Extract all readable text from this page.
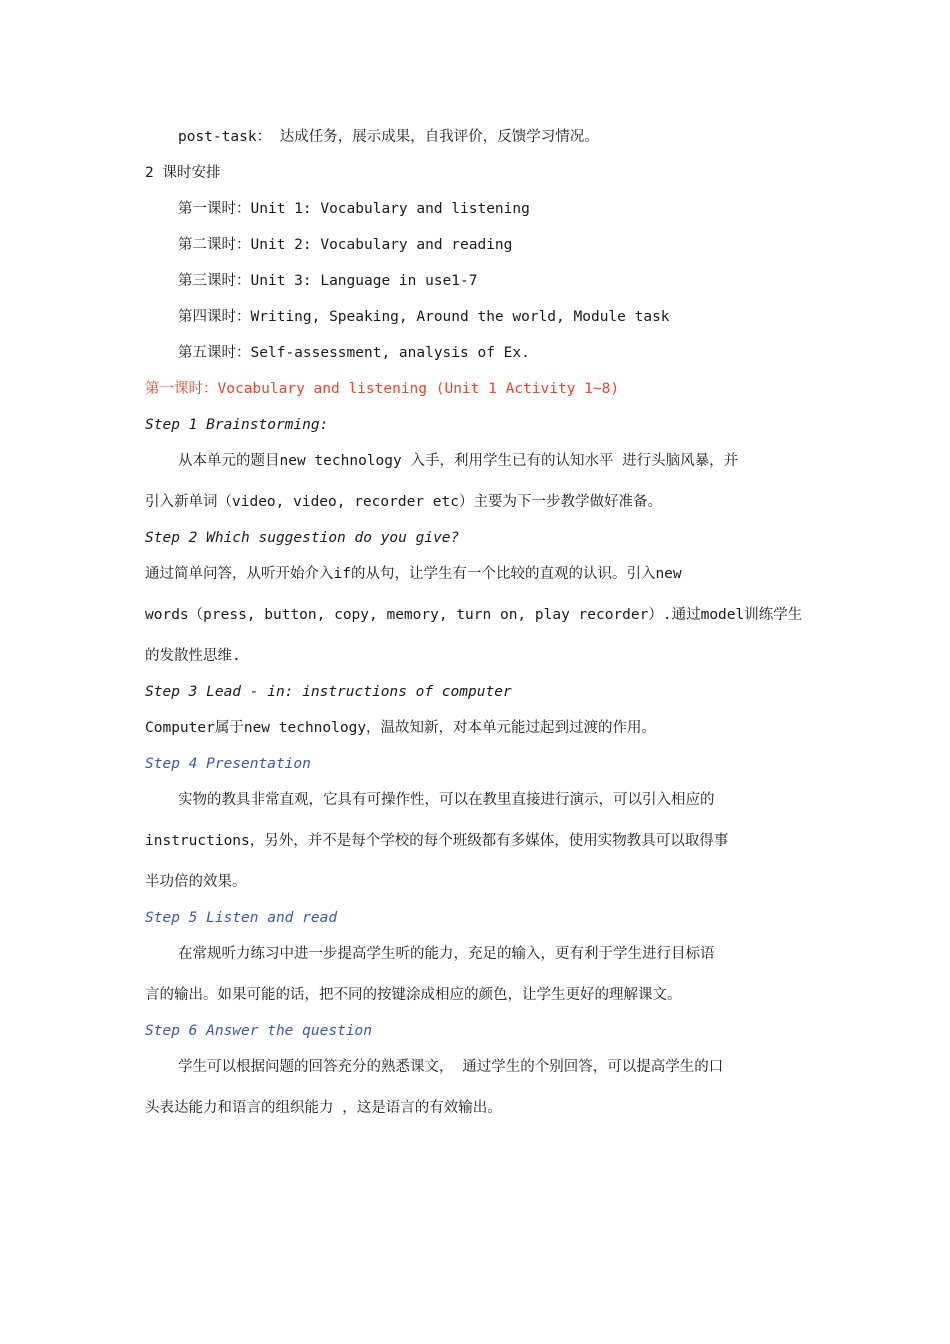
post-task： 达成任务，展示成果，自我评价，反馈学习情况。
2 课时安排
第一课时：Unit 1: Vocabulary and listening
第二课时：Unit 2: Vocabulary and reading
第三课时：Unit 3: Language in use1-7
第四课时：Writing, Speaking, Around the world, Module task
第五课时：Self-assessment, analysis of Ex.
第一课时：Vocabulary and listening (Unit 1 Activity 1~8)
Step 1 Brainstorming:
从本单元的题目new technology 入手，利用学生已有的认知水平 进行头脑风暴，并
引入新单词（video, video, recorder etc）主要为下一步教学做好准备。
Step 2 Which suggestion do you give?
通过简单问答，从听开始介入if的从句，让学生有一个比较的直观的认识。引入new
words（press, button, copy, memory, turn on, play recorder）.通过model训练学生
的发散性思维.
Step 3 Lead - in: instructions of computer
Computer属于new technology，温故知新，对本单元能过起到过渡的作用。
Step 4 Presentation
实物的教具非常直观，它具有可操作性，可以在教里直接进行演示，可以引入相应的
instructions，另外，并不是每个学校的每个班级都有多媒体，使用实物教具可以取得事
半功倍的效果。
Step 5 Listen and read
在常规听力练习中进一步提高学生听的能力，充足的输入，更有利于学生进行目标语
言的输出。如果可能的话，把不同的按键涂成相应的颜色，让学生更好的理解课文。
Step 6 Answer the question
学生可以根据问题的回答充分的熟悉课文， 通过学生的个别回答，可以提高学生的口
头表达能力和语言的组织能力 ，这是语言的有效输出。
